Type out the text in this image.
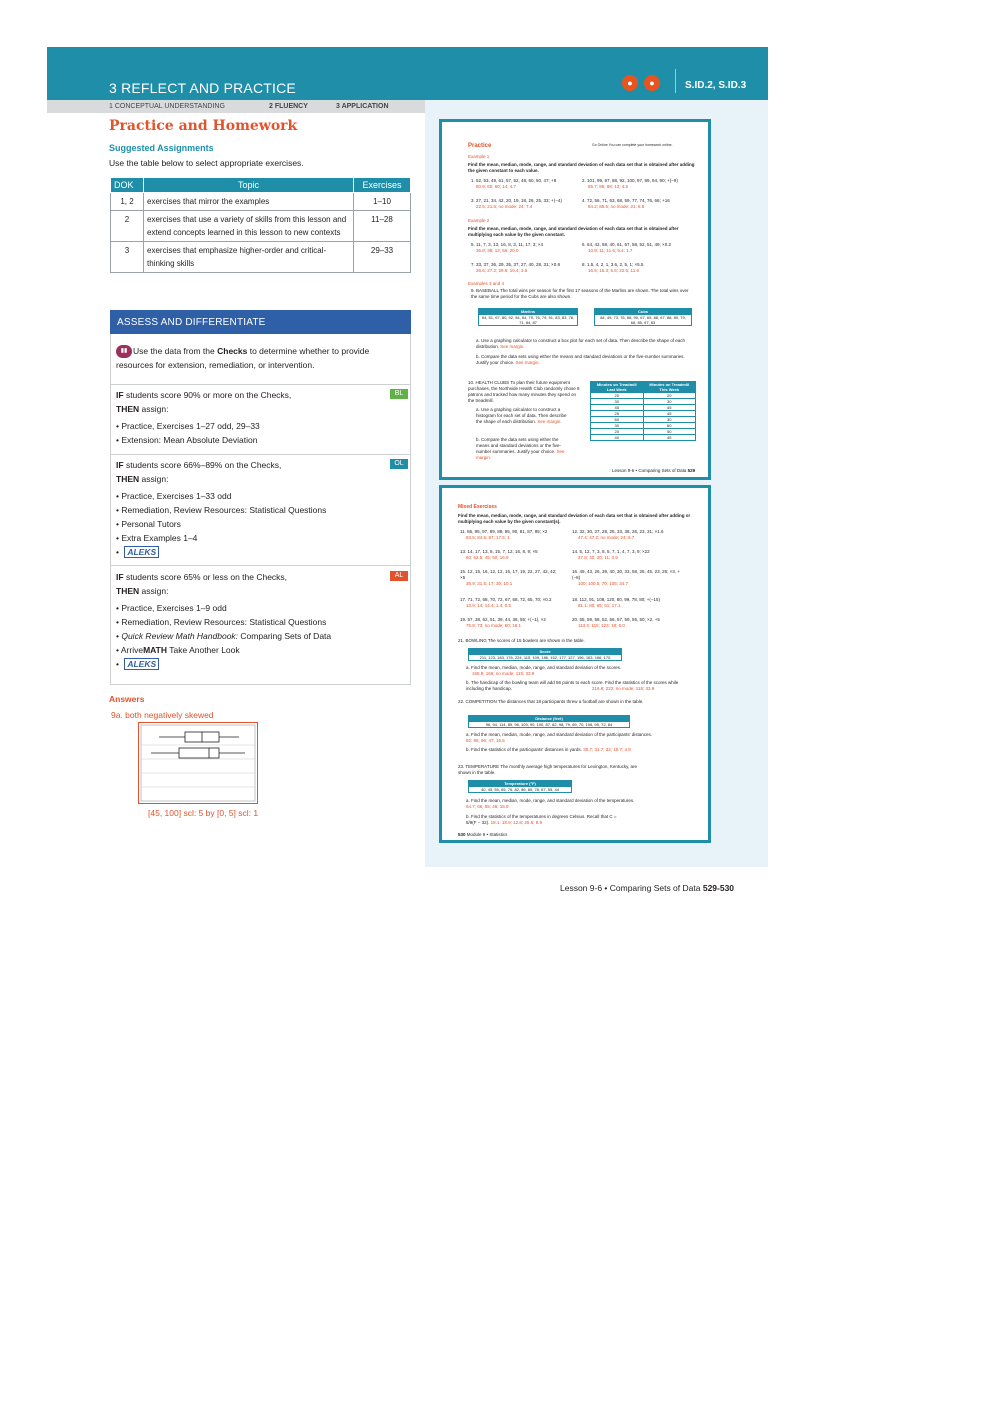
3 REFLECT AND PRACTICE	●	●	S.ID.2, S.ID.3
1 CONCEPTUAL UNDERSTANDING	2 FLUENCY	3 APPLICATION
Practice and Homework
Suggested Assignments
Use the table below to select appropriate exercises.
DOK	Topic	Exercises
1, 2	exercises that mirror the examples	1–10
2	exercises that use a variety of skills from this lesson and extend concepts learned in this lesson to new contexts	11–28
3	exercises that emphasize higher-order and critical-thinking skills	29–33
ASSESS AND DIFFERENTIATE
▮▮ Use the data from the Checks to determine whether to provide resources for extension, remediation, or intervention.
BL
IF students score 90% or more on the Checks,
THEN assign:
• Practice, Exercises 1–27 odd, 29–33
• Extension: Mean Absolute Deviation
OL
IF students score 66%–89% on the Checks,
THEN assign:
• Practice, Exercises 1–33 odd
• Remediation, Review Resources: Statistical Questions
• Personal Tutors
• Extra Examples 1–4
• ALEKS
AL
IF students score 65% or less on the Checks,
THEN assign:
• Practice, Exercises 1–9 odd
• Remediation, Review Resources: Statistical Questions
• Quick Review Math Handbook: Comparing Sets of Data
• ArriveMATH Take Another Look
• ALEKS
Answers
9a. both negatively skewed
[45, 100] scl: 5 by [0, 5] scl: 1
Practice	Go Online You can complete your homework online.
Example 1
Find the mean, median, mode, range, and standard deviation of each data set that is obtained after adding the given constant to each value.
1. 52, 53, 49, 61, 57, 52, 48, 60, 50, 47; +8
60.9; 60; 60; 14; 4.7
2. 101, 99, 97, 88, 92, 100, 97, 89, 94, 90; +(−9)
85.7; 86; 88; 13; 4.5
3. 27, 21, 34, 42, 20, 19, 18, 26, 25, 33; +(−4)
22.5; 21.5; no mode; 24; 7.4
4. 72, 56, 71, 63, 68, 59, 77, 74, 76, 66; +16
84.2; 85.5; no mode; 21; 6.8
Example 2
Find the mean, median, mode, range, and standard deviation of each data set that is obtained after multiplying each value by the given constant.
5. 11, 7, 3, 13, 16, 8, 3, 11, 17, 3; ×4
36.8; 38; 12; 56; 20.0
6. 64, 42, 58, 40, 61, 67, 58, 52, 51, 49; ×0.2
10.8; 11; 11.6; 5.4; 1.7
7. 33, 37, 36, 29, 35, 37, 27, 40, 28, 31; ×0.8
26.6; 27.2; 29.6; 10.4; 3.5
8. 1.5, 4, 2, 1, 3.6, 2, 5, 1; ×5.5
16.5; 15.3; 5.5; 22.5; 11.6
Examples 3 and 4
9. BASEBALL The total wins per season for the first 17 seasons of the Marlins are shown. The total wins over the same time period for the Cubs are also shown.
Marlins
64, 51, 67, 80, 92, 54, 64, 79, 76, 79, 91, 83, 83, 78, 71, 84, 87
Cubs
84, 49, 73, 76, 68, 90, 67, 65, 88, 67, 88, 89, 79, 66, 85, 97, 83
a. Use a graphing calculator to construct a box plot for each set of data. Then describe the shape of each distribution. See margin.
b. Compare the data sets using either the means and standard deviations or the five-number summaries. Justify your choice. See margin.
10. HEALTH CLUBS To plan their future equipment purchases, the Northside Health Club randomly chose 8 patrons and tracked how many minutes they spend on the treadmill.
a. Use a graphing calculator to construct a histogram for each set of data. Then describe the shape of each distribution. See margin.
b. Compare the data sets using either the means and standard deviations or the five-number summaries. Justify your choice. See margin.
Minutes on Treadmill Last Week	Minutes on Treadmill This Week
20	20
30	30
45	45
25	45
60	30
30	60
20	50
40	45
Lesson 9-6 • Comparing Sets of Data 529
Mixed Exercises
Find the mean, median, mode, range, and standard deviation of each data set that is obtained after adding or multiplying each value by the given constant(s).
11. 86, 95, 97, 89, 88, 95, 90, 81, 87, 95; ×2
83.5; 84.5; 87; 17.5; 1
12. 32, 30, 27, 28, 25, 33, 38, 26, 23, 31; ×1.6
47.4; 47.2; no mode; 24; 6.7
13. 14, 17, 13, 8, 15, 7, 12, 16, 8, 9; ×5
60; 62.5; 45; 50; 16.9
14. 5, 12, 7, 3, 8, 5, 7, 1, 4, 7, 3, 9; ×22
27.8; 30; 20; 11; 3.9
15. 12, 15, 16, 12, 12, 15, 17, 19, 22, 27, 42, 42; ×5
35.9; 31.5; 17; 30; 10.1
16. 49, 43, 26, 39, 40, 30, 33, 58, 26, 45, 23, 26; ×3, +(−8)
100; 100.5; 70; 105; 34.7
17. 71, 72, 68, 70, 72, 67, 68, 72, 65, 70; ×0.2
13.9; 14; 14.4; 1.4; 0.5
18. 112, 91, 108, 120, 80, 99, 78, 80; +(−15)
81.1; 80; 65; 51; 17.1
19. 57, 38, 62, 51, 39, 44, 36, 55; +(−1), ×2
75.8; 73; no mode; 50; 18.1
20. 55, 59, 58, 52, 56, 57, 59, 55, 50; ×2, +5
113.3; 115; 123; 18; 6.0
21. BOWLING The scores of 15 bowlers are shown in the table.
Score
211, 123, 183, 176, 224, 115, 109, 186, 152, 177, 127, 196, 163, 166, 170
a. Find the mean, median, mode, range, and standard deviation of the scores.
165.9; 166; no mode; 115; 33.9
b. The handicap of the bowling team will add 56 points to each score. Find the statistics of the scores while including the handicap.	216.9; 222; no mode; 115; 33.9
22. COMPETITION The distances that 18 participants threw a football are shown in the table.
Distance (feet)
96, 94, 114, 85, 96, 109, 90, 100, 87, 82, 98, 79, 69, 70, 106, 95, 72, 84
a. Find the mean, median, mode, range, and standard deviation of the participants' distances. 92; 95; 96; 47; 16.5
b. Find the statistics of the participants' distances in yards. 30.7; 31.7; 32; 15.7; 4.8
23. TEMPERATURE The monthly average high temperatures for Lexington, Kentucky, are shown in the table.
Temperature (°F)
40, 45, 55, 65, 76, 82, 86, 85, 78, 67, 55, 44
a. Find the mean, median, mode, range, and standard deviation of the temperatures. 64.7; 66; 55; 46; 15.9
b. Find the statistics of the temperatures in degrees Celsius. Recall that C = 5/9(F − 32). 18.1; 18.9; 12.8; 25.6; 8.9
530 Module 9 • Statistics
Lesson 9-6 • Comparing Sets of Data 529-530
